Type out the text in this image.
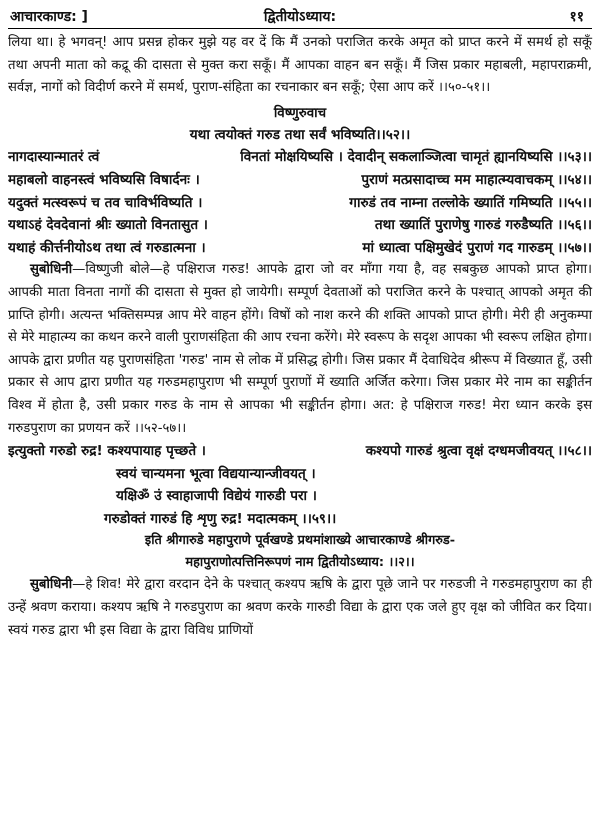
आचारकाण्ड: ]	द्वितीयोऽध्याय:	११

लिया था। हे भगवन्! आप प्रसन्न होकर मुझे यह वर दें कि मैं उनको पराजित करके अमृत को प्राप्त करने में समर्थ हो सकूँ तथा अपनी माता को कद्रू की दासता से मुक्त करा सकूँ। मैं आपका वाहन बन सकूँ। मैं जिस प्रकार महाबली, महापराक्रमी, सर्वज्ञ, नागों को विदीर्ण करने में समर्थ, पुराण-संहिता का रचनाकार बन सकूँ; ऐसा आप करें ।।५०-५१।।

विष्णुरुवाच
यथा त्वयोक्तं गरुड तथा सर्वं भविष्यति।।५२।।
नागदास्यान्मातरं त्वं	विनतां मोक्षयिष्यसि । देवादीन् सकलाञ्जित्वा चामृतं ह्यानयिष्यसि ।।५३।।
महाबलो वाहनस्त्वं भविष्यसि विषार्दनः ।	पुराणं मत्प्रसादाच्च मम माहात्म्यवाचकम् ।।५४।।
यदुक्तं मत्स्वरूपं च तव चाविर्भविष्यति ।	गारुडं तव नाम्ना तल्लोके ख्यातिं गमिष्यति ।।५५।।
यथाऽहं देवदेवानां श्रीः ख्यातो विनतासुत ।	तथा ख्यातिं पुराणेषु गारुडं गरुडैष्यति ।।५६।।
यथाहं कीर्त्तनीयोऽथ तथा त्वं गरुडात्मना ।	मां ध्यात्वा पक्षिमुखेदं पुराणं गद गारुडम् ।।५७।।

सुबोधिनी—विष्णुजी बोले—हे पक्षिराज गरुड! आपके द्वारा जो वर माँगा गया है, वह सबकुछ आपको प्राप्त होगा। आपकी माता विनता नागों की दासता से मुक्त हो जायेगी। सम्पूर्ण देवताओं को पराजित करने के पश्चात् आपको अमृत की प्राप्ति होगी। अत्यन्त भक्तिसम्पन्न आप मेरे वाहन होंगे। विषों को नाश करने की शक्ति आपको प्राप्त होगी। मेरी ही अनुकम्पा से मेरे माहात्म्य का कथन करने वाली पुराणसंहिता की आप रचना करेंगे। मेरे स्वरूप के सदृश आपका भी स्वरूप लक्षित होगा। आपके द्वारा प्रणीत यह पुराणसंहिता 'गरुड' नाम से लोक में प्रसिद्ध होगी। जिस प्रकार मैं देवाधिदेव श्रीरूप में विख्यात हूँ, उसी प्रकार से आप द्वारा प्रणीत यह गरुडमहापुराण भी सम्पूर्ण पुराणों में ख्याति अर्जित करेगा। जिस प्रकार मेरे नाम का सङ्कीर्तन विश्व में होता है, उसी प्रकार गरुड के नाम से आपका भी सङ्कीर्तन होगा। अत: हे पक्षिराज गरुड! मेरा ध्यान करके इस गरुडपुराण का प्रणयन करें ।।५२-५७।।

इत्युक्तो गरुडो रुद्र! कश्यपायाह पृच्छते ।	कश्यपो गारुडं श्रुत्वा वृक्षं दग्धमजीवयत् ।।५८।।
स्वयं चान्यमना भूत्वा विद्ययान्यान्जीवयत् ।
यक्षिॐ उं स्वाहाजापी विद्येयं गारुडी परा ।
गरुडोक्तं गारुडं हि शृणु रुद्र! मदात्मकम् ।।५९।।
इति श्रीगारुडे महापुराणे पूर्वखण्डे प्रथमांशाख्ये आचारकाण्डे श्रीगरुड-
महापुराणोत्पत्तिनिरूपणं नाम द्वितीयोऽध्याय: ।।२।।

सुबोधिनी—हे शिव! मेरे द्वारा वरदान देने के पश्चात् कश्यप ऋषि के द्वारा पूछे जाने पर गरुडजी ने गरुडमहापुराण का ही उन्हें श्रवण कराया। कश्यप ऋषि ने गरुडपुराण का श्रवण करके गारुडी विद्या के द्वारा एक जले हुए वृक्ष को जीवित कर दिया। स्वयं गरुड द्वारा भी इस विद्या के द्वारा विविध प्राणियों
